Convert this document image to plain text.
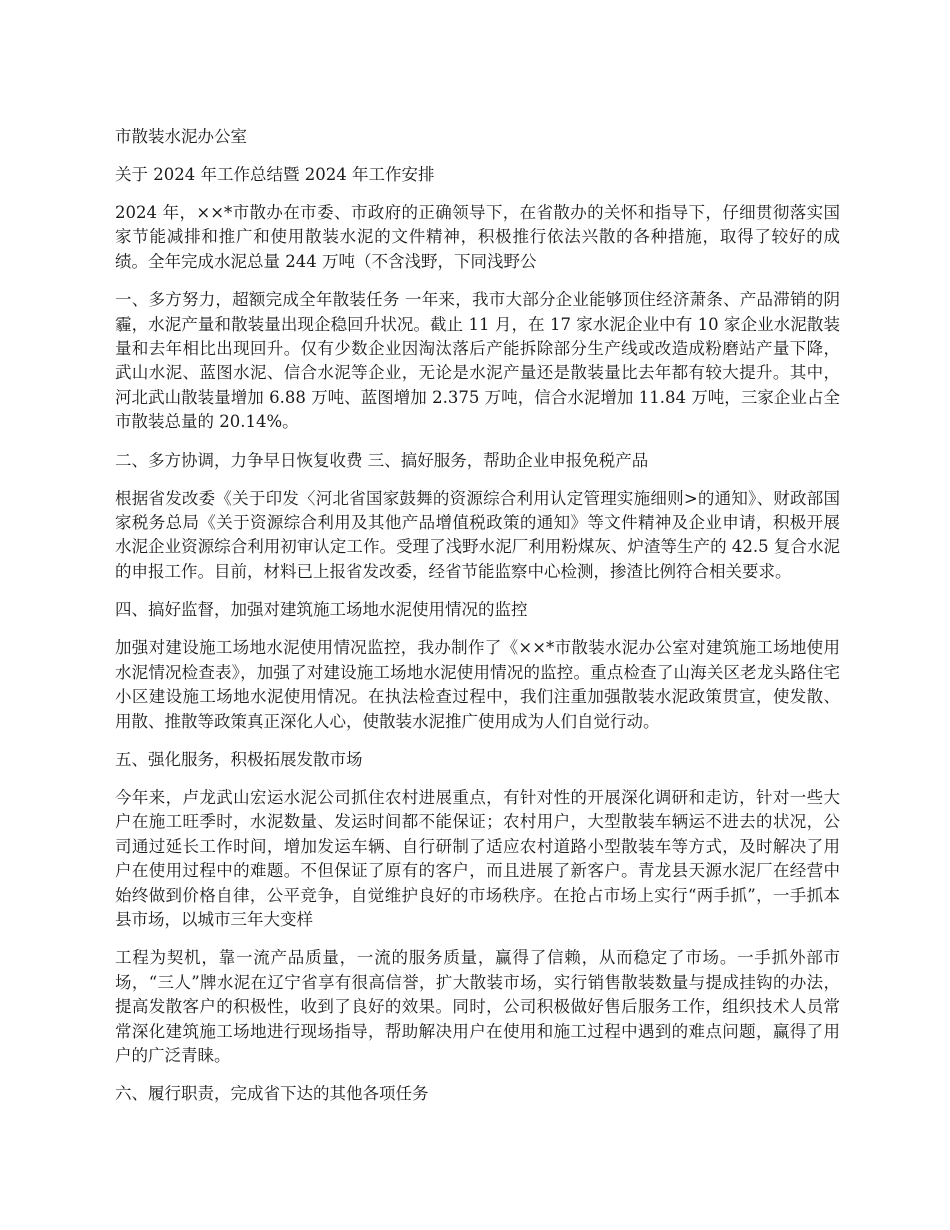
市散装水泥办公室

关于 2024 年工作总结暨 2024 年工作安排

2024 年，××*市散办在市委、市政府的正确领导下，在省散办的关怀和指导下，仔细贯彻落实国家节能减排和推广和使用散装水泥的文件精神，积极推行依法兴散的各种措施，取得了较好的成绩。全年完成水泥总量 244 万吨（不含浅野，下同浅野公

一、多方努力，超额完成全年散装任务 一年来，我市大部分企业能够顶住经济萧条、产品滞销的阴霾，水泥产量和散装量出现企稳回升状况。截止 11 月，在 17 家水泥企业中有 10 家企业水泥散装量和去年相比出现回升。仅有少数企业因淘汰落后产能拆除部分生产线或改造成粉磨站产量下降，武山水泥、蓝图水泥、信合水泥等企业，无论是水泥产量还是散装量比去年都有较大提升。其中，河北武山散装量增加 6.88 万吨、蓝图增加 2.375 万吨，信合水泥增加 11.84 万吨，三家企业占全市散装总量的 20.14%。

二、多方协调，力争早日恢复收费 三、搞好服务，帮助企业申报免税产品

根据省发改委《关于印发〈河北省国家鼓舞的资源综合利用认定管理实施细则>的通知》、财政部国家税务总局《关于资源综合利用及其他产品增值税政策的通知》等文件精神及企业申请，积极开展水泥企业资源综合利用初审认定工作。受理了浅野水泥厂利用粉煤灰、炉渣等生产的 42.5 复合水泥的申报工作。目前，材料已上报省发改委，经省节能监察中心检测，掺渣比例符合相关要求。

四、搞好监督，加强对建筑施工场地水泥使用情况的监控

加强对建设施工场地水泥使用情况监控，我办制作了《××*市散装水泥办公室对建筑施工场地使用水泥情况检查表》，加强了对建设施工场地水泥使用情况的监控。重点检查了山海关区老龙头路住宅小区建设施工场地水泥使用情况。在执法检查过程中，我们注重加强散装水泥政策贯宣，使发散、用散、推散等政策真正深化人心，使散装水泥推广使用成为人们自觉行动。

五、强化服务，积极拓展发散市场

今年来，卢龙武山宏运水泥公司抓住农村进展重点，有针对性的开展深化调研和走访，针对一些大户在施工旺季时，水泥数量、发运时间都不能保证；农村用户，大型散装车辆运不进去的状况，公司通过延长工作时间，增加发运车辆、自行研制了适应农村道路小型散装车等方式，及时解决了用户在使用过程中的难题。不但保证了原有的客户，而且进展了新客户。青龙县天源水泥厂在经营中始终做到价格自律，公平竞争，自觉维护良好的市场秩序。在抢占市场上实行“两手抓”，一手抓本县市场，以城市三年大变样

工程为契机，靠一流产品质量，一流的服务质量，赢得了信赖，从而稳定了市场。一手抓外部市场，“三人”牌水泥在辽宁省享有很高信誉，扩大散装市场，实行销售散装数量与提成挂钩的办法，提高发散客户的积极性，收到了良好的效果。同时，公司积极做好售后服务工作，组织技术人员常常深化建筑施工场地进行现场指导，帮助解决用户在使用和施工过程中遇到的难点问题，赢得了用户的广泛青睐。

六、履行职责，完成省下达的其他各项任务
